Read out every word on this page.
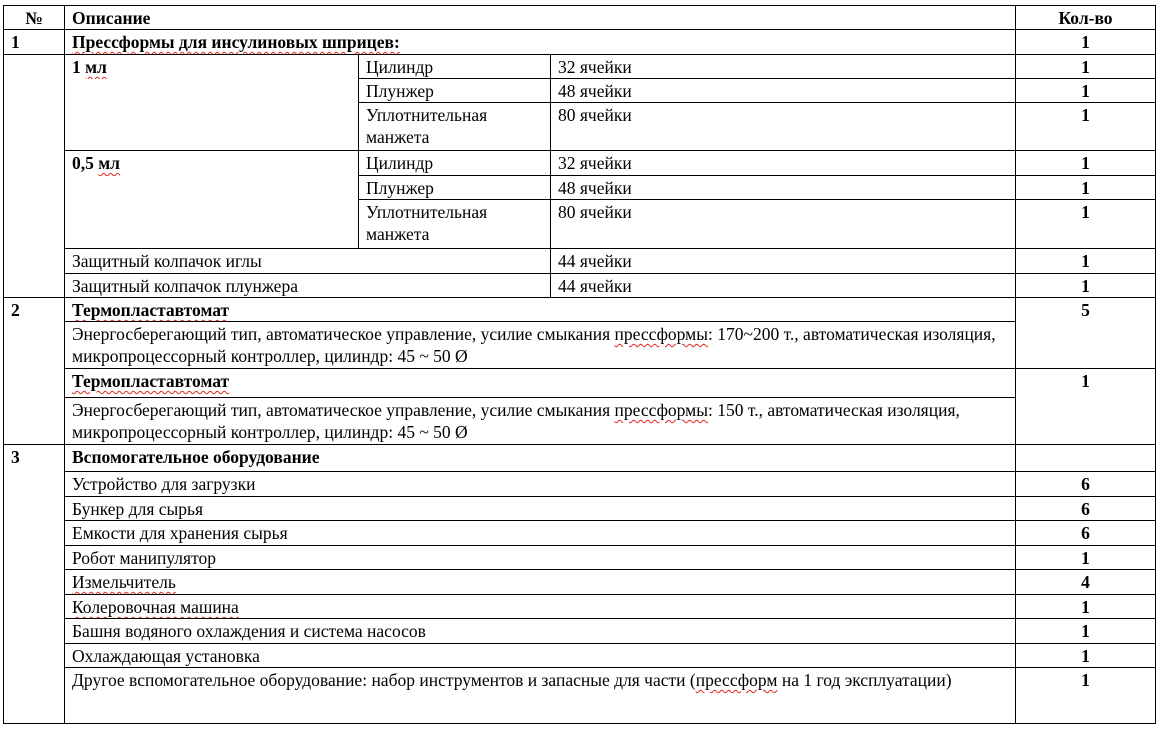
№	Описание			Кол-во
1	Прессформы для инсулиновых шприцев:			1
	1 мл	Цилиндр	32 ячейки	1
		Плунжер	48 ячейки	1
		Уплотнительная манжета	80 ячейки	1
	0,5 мл	Цилиндр	32 ячейки	1
		Плунжер	48 ячейки	1
		Уплотнительная манжета	80 ячейки	1
	Защитный колпачок иглы		44 ячейки	1
	Защитный колпачок плунжера		44 ячейки	1
2	Термопластавтомат			5
	Энергосберегающий тип, автоматическое управление, усилие смыкания прессформы: 170~200 т., автоматическая изоляция, микропроцессорный контроллер, цилиндр: 45 ~ 50 Ø			
	Термопластавтомат			1
	Энергосберегающий тип, автоматическое управление, усилие смыкания прессформы: 150 т., автоматическая изоляция, микропроцессорный контроллер, цилиндр: 45 ~ 50 Ø			
3	Вспомогательное оборудование			
	Устройство для загрузки			6
	Бункер для сырья			6
	Емкости для хранения сырья			6
	Робот манипулятор			1
	Измельчитель			4
	Колеровочная машина			1
	Башня водяного охлаждения и система насосов			1
	Охлаждающая установка			1
	Другое вспомогательное оборудование: набор инструментов и запасные для части (прессформ на 1 год эксплуатации)			1
